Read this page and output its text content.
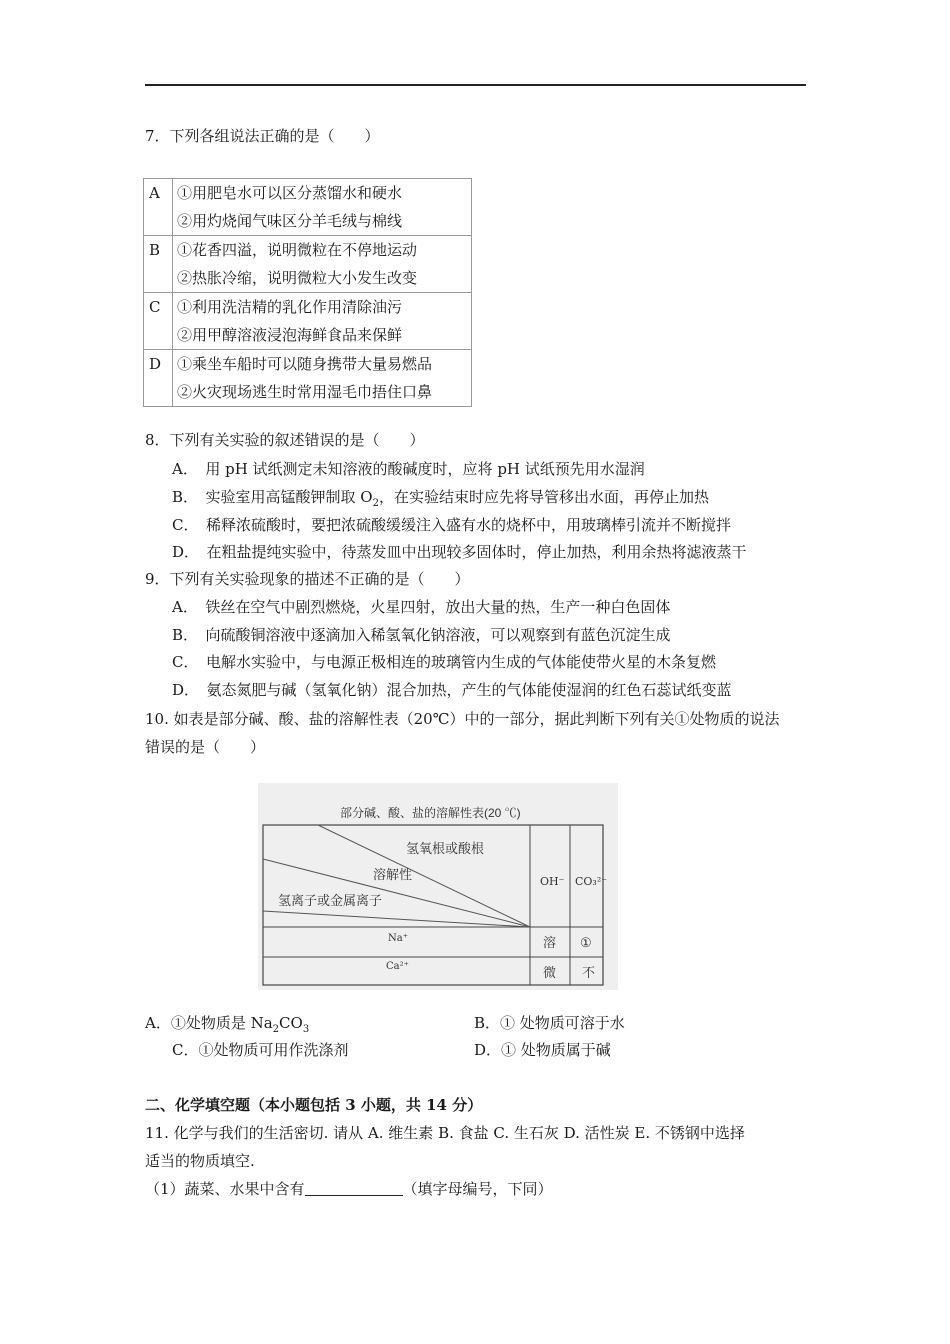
7．下列各组说法正确的是（　　）
A	①用肥皂水可以区分蒸馏水和硬水
②用灼烧闻气味区分羊毛绒与棉线

B	①花香四溢，说明微粒在不停地运动
②热胀冷缩，说明微粒大小发生改变

C	①利用洗洁精的乳化作用清除油污
②用甲醇溶液浸泡海鲜食品来保鲜

D	①乘坐车船时可以随身携带大量易燃品
②火灾现场逃生时常用湿毛巾捂住口鼻
8．下列有关实验的叙述错误的是（　　）
A．　用 pH 试纸测定未知溶液的酸碱度时，应将 pH 试纸预先用水湿润
B．　实验室用高锰酸钾制取 $O_2$，在实验结束时应先将导管移出水面，再停止加热
C．　稀释浓硫酸时，要把浓硫酸缓缓注入盛有水的烧杯中，用玻璃棒引流并不断搅拌
D．　在粗盐提纯实验中，待蒸发皿中出现较多固体时，停止加热，利用余热将滤液蒸干
9．下列有关实验现象的描述不正确的是（　　）
A．　铁丝在空气中剧烈燃烧，火星四射，放出大量的热，生产一种白色固体
B．　向硫酸铜溶液中逐滴加入稀氢氧化钠溶液，可以观察到有蓝色沉淀生成
C．　电解水实验中，与电源正极相连的玻璃管内生成的气体能使带火星的木条复燃
D．　氨态氮肥与碱（氢氧化钠）混合加热，产生的气体能使湿润的红色石蕊试纸变蓝
10. 如表是部分碱、酸、盐的溶解性表（20℃）中的一部分，据此判断下列有关①处物质的说法
错误的是（　　）
部分碱、酸、盐的溶解性表(20 ℃)
氢氧根或酸根
溶解性
氢离子或金属离子
OH⁻ CO₃²⁻
Na⁺	溶 ①
Ca²⁺	微 不
A．①处物质是 $Na_2CO_3$	B．① 处物质可溶于水
C．①处物质可用作洗涤剂	D．① 处物质属于碱
二、化学填空题（本小题包括 3 小题，共 14 分）
11. 化学与我们的生活密切. 请从 A. 维生素 B. 食盐 C. 生石灰 D. 活性炭 E. 不锈钢中选择
适当的物质填空.
（1）蔬菜、水果中含有	（填字母编号，下同）
